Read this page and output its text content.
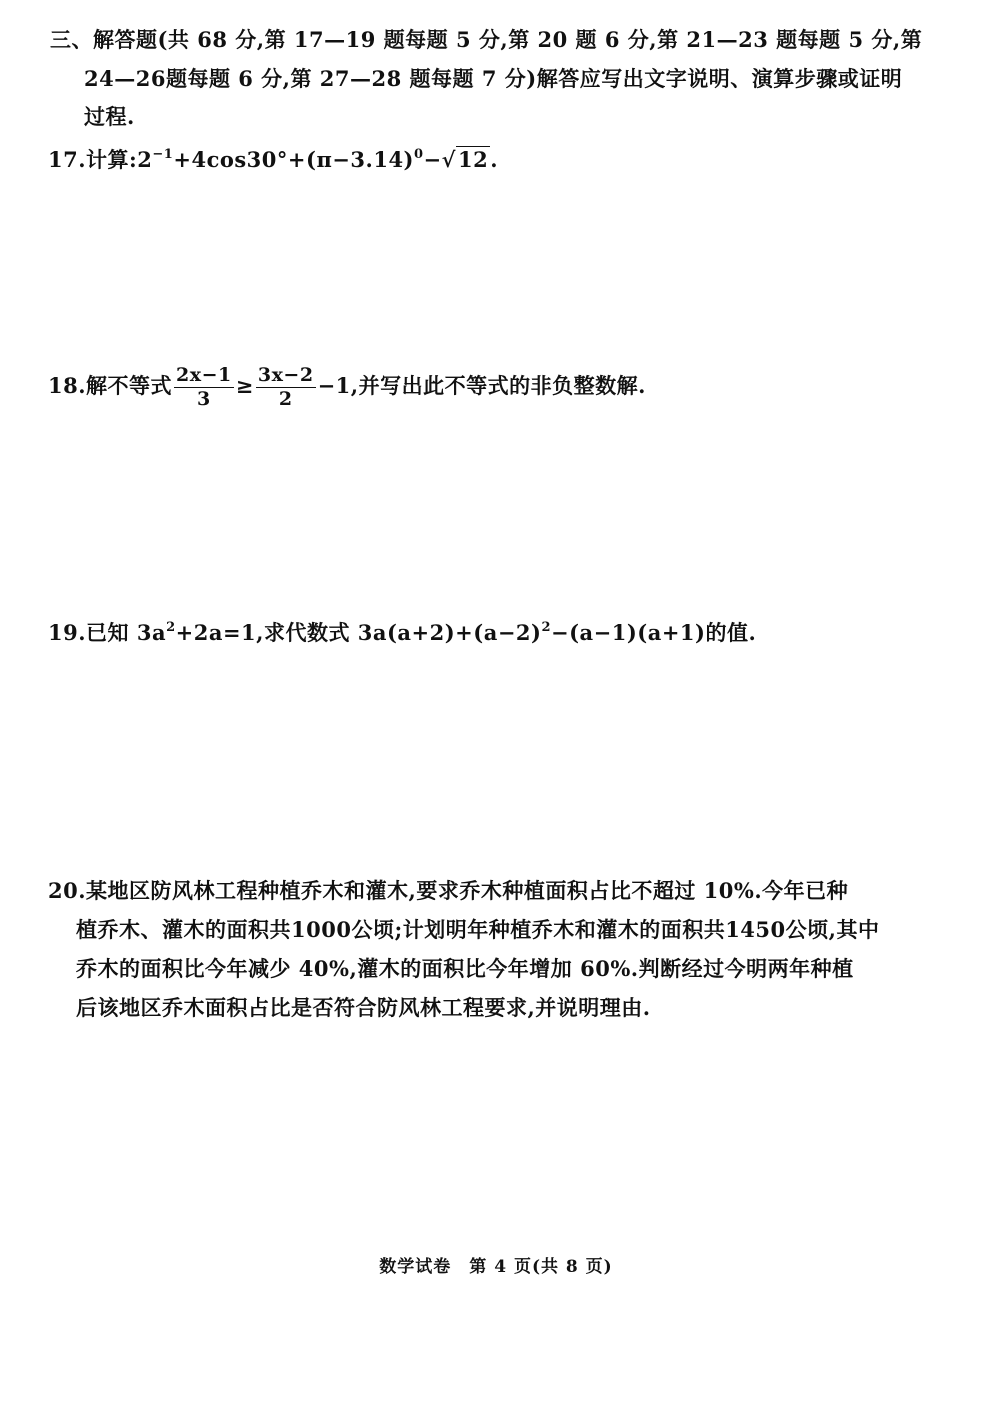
三、解答题(共 68 分,第 17—19 题每题 5 分,第 20 题 6 分,第 21—23 题每题 5 分,第
24—26题每题 6 分,第 27—28 题每题 7 分)解答应写出文字说明、演算步骤或证明
过程.
17.计算$:2^{-1}+4\cos 30^\circ+(\pi-3.14)^0-√12$.
18.解不等式 $\frac{2x-1}{3} \ge \frac{3x-2}{2} -1$,并写出此不等式的非负整数解.
19.已知 $3a^2+2a=1$,求代数式 $3a(a+2)+(a-2)^2-(a-1)(a+1)$的值.
20.某地区防风林工程种植乔木和灌木,要求乔木种植面积占比不超过 10%.今年已种
植乔木、灌木的面积共1000公顷;计划明年种植乔木和灌木的面积共1450公顷,其中
乔木的面积比今年减少 40%,灌木的面积比今年增加 60%.判断经过今明两年种植
后该地区乔木面积占比是否符合防风林工程要求,并说明理由.
数学试卷　第 4 页(共 8 页)
